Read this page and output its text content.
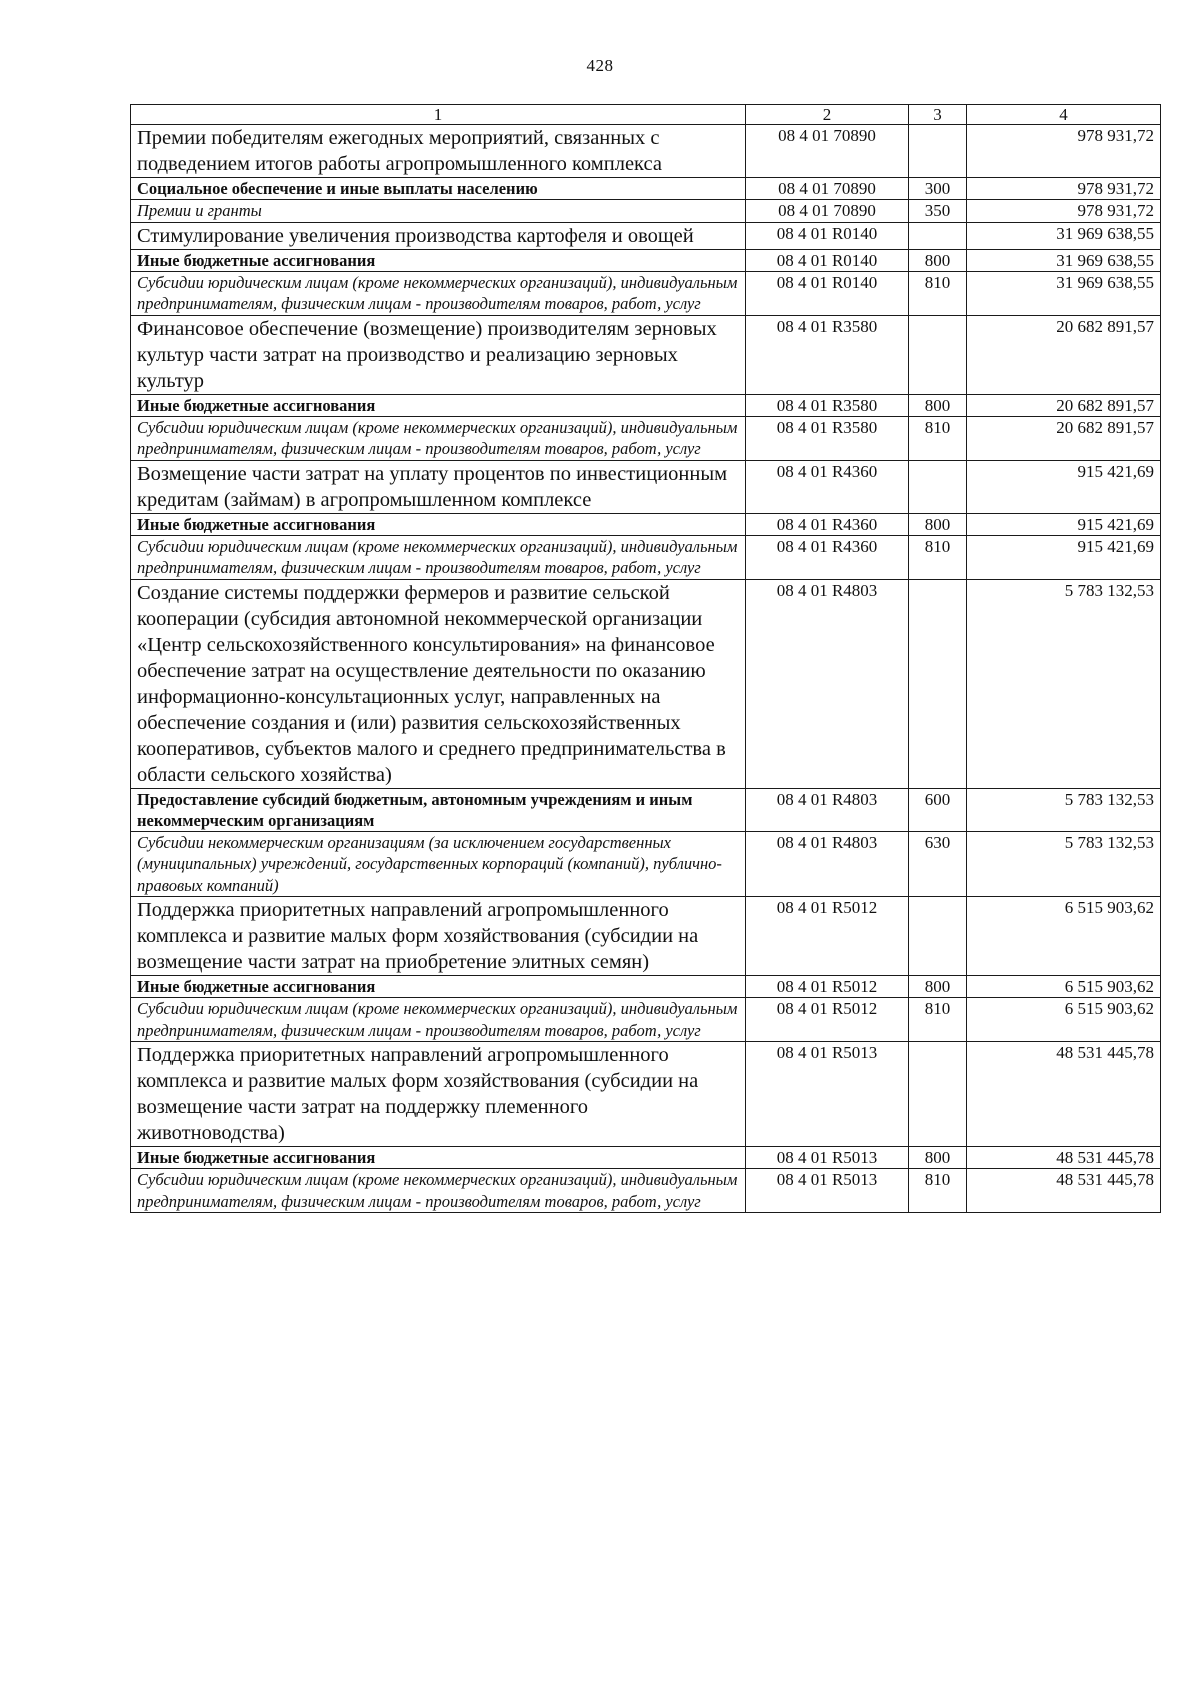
428
1	2	3	4
Премии победителям ежегодных мероприятий, связанных с подведением итогов работы агропромышленного комплекса	08 4 01 70890		978 931,72
Социальное обеспечение и иные выплаты населению	08 4 01 70890	300	978 931,72
Премии и гранты	08 4 01 70890	350	978 931,72
Стимулирование увеличения производства картофеля и овощей	08 4 01 R0140		31 969 638,55
Иные бюджетные ассигнования	08 4 01 R0140	800	31 969 638,55
Субсидии юридическим лицам (кроме некоммерческих организаций), индивидуальным предпринимателям, физическим лицам - производителям товаров, работ, услуг	08 4 01 R0140	810	31 969 638,55
Финансовое обеспечение (возмещение) производителям зерновых культур части затрат на производство и реализацию зерновых культур	08 4 01 R3580		20 682 891,57
Иные бюджетные ассигнования	08 4 01 R3580	800	20 682 891,57
Субсидии юридическим лицам (кроме некоммерческих организаций), индивидуальным предпринимателям, физическим лицам - производителям товаров, работ, услуг	08 4 01 R3580	810	20 682 891,57
Возмещение части затрат на уплату процентов по инвестиционным кредитам (займам) в агропромышленном комплексе	08 4 01 R4360		915 421,69
Иные бюджетные ассигнования	08 4 01 R4360	800	915 421,69
Субсидии юридическим лицам (кроме некоммерческих организаций), индивидуальным предпринимателям, физическим лицам - производителям товаров, работ, услуг	08 4 01 R4360	810	915 421,69
Создание системы поддержки фермеров и развитие сельской кооперации (субсидия автономной некоммерческой организации «Центр сельскохозяйственного консультирования» на финансовое обеспечение затрат на осуществление деятельности по оказанию информационно-консультационных услуг, направленных на обеспечение создания и (или) развития сельскохозяйственных кооперативов, субъектов малого и среднего предпринимательства в области сельского хозяйства)	08 4 01 R4803		5 783 132,53
Предоставление субсидий бюджетным, автономным учреждениям и иным некоммерческим организациям	08 4 01 R4803	600	5 783 132,53
Субсидии некоммерческим организациям (за исключением государственных (муниципальных) учреждений, государственных корпораций (компаний), публично-правовых компаний)	08 4 01 R4803	630	5 783 132,53
Поддержка приоритетных направлений агропромышленного комплекса и развитие малых форм хозяйствования (субсидии на возмещение части затрат на приобретение элитных семян)	08 4 01 R5012		6 515 903,62
Иные бюджетные ассигнования	08 4 01 R5012	800	6 515 903,62
Субсидии юридическим лицам (кроме некоммерческих организаций), индивидуальным предпринимателям, физическим лицам - производителям товаров, работ, услуг	08 4 01 R5012	810	6 515 903,62
Поддержка приоритетных направлений агропромышленного комплекса и развитие малых форм хозяйствования (субсидии на возмещение части затрат на поддержку племенного животноводства)	08 4 01 R5013		48 531 445,78
Иные бюджетные ассигнования	08 4 01 R5013	800	48 531 445,78
Субсидии юридическим лицам (кроме некоммерческих организаций), индивидуальным предпринимателям, физическим лицам - производителям товаров, работ, услуг	08 4 01 R5013	810	48 531 445,78
